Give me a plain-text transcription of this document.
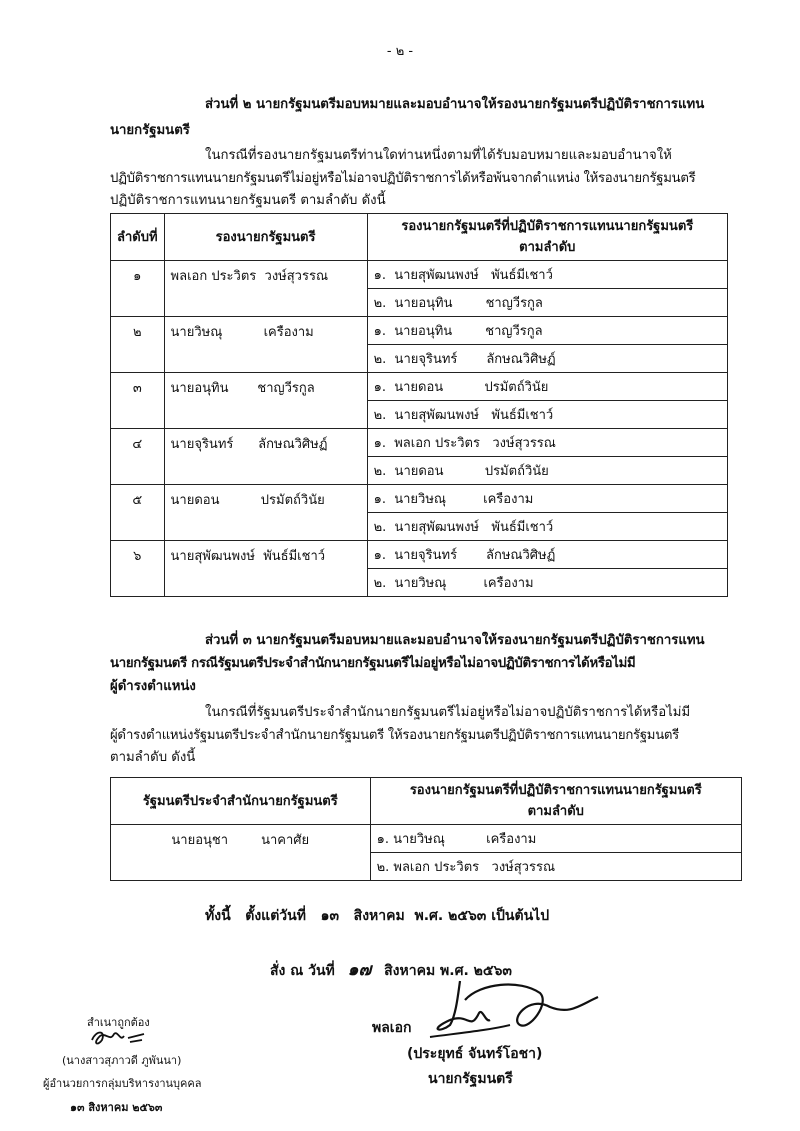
- ๒ -
ส่วนที่ ๒ นายกรัฐมนตรีมอบหมายและมอบอำนาจให้รองนายกรัฐมนตรีปฏิบัติราชการแทน
นายกรัฐมนตรี
ในกรณีที่รองนายกรัฐมนตรีท่านใดท่านหนึ่งตามที่ได้รับมอบหมายและมอบอำนาจให้
ปฏิบัติราชการแทนนายกรัฐมนตรีไม่อยู่หรือไม่อาจปฏิบัติราชการได้หรือพ้นจากตำแหน่ง ให้รองนายกรัฐมนตรี
ปฏิบัติราชการแทนนายกรัฐมนตรี ตามลำดับ ดังนี้
ลำดับที่	รองนายกรัฐมนตรี	รองนายกรัฐมนตรีที่ปฏิบัติราชการแทนนายกรัฐมนตรี
ตามลำดับ

๑	พลเอก ประวิตร  วงษ์สุวรรณ	๑.  นายสุพัฒนพงษ์   พันธ์มีเชาว์
		๒.  นายอนุทิน        ชาญวีรกูล
๒	นายวิษณุ          เครืองาม	๑.  นายอนุทิน        ชาญวีรกูล
		๒.  นายจุรินทร์       ลักษณวิศิษฏ์
๓	นายอนุทิน       ชาญวีรกูล	๑.  นายดอน          ปรมัตถ์วินัย
		๒.  นายสุพัฒนพงษ์   พันธ์มีเชาว์
๔	นายจุรินทร์      ลักษณวิศิษฏ์	๑.  พลเอก ประวิตร   วงษ์สุวรรณ
		๒.  นายดอน          ปรมัตถ์วินัย
๕	นายดอน          ปรมัตถ์วินัย	๑.  นายวิษณุ         เครืองาม
		๒.  นายสุพัฒนพงษ์   พันธ์มีเชาว์
๖	นายสุพัฒนพงษ์  พันธ์มีเชาว์	๑.  นายจุรินทร์       ลักษณวิศิษฏ์
		๒.  นายวิษณุ         เครืองาม
ส่วนที่ ๓ นายกรัฐมนตรีมอบหมายและมอบอำนาจให้รองนายกรัฐมนตรีปฏิบัติราชการแทน
นายกรัฐมนตรี กรณีรัฐมนตรีประจำสำนักนายกรัฐมนตรีไม่อยู่หรือไม่อาจปฏิบัติราชการได้หรือไม่มี
ผู้ดำรงตำแหน่ง
ในกรณีที่รัฐมนตรีประจำสำนักนายกรัฐมนตรีไม่อยู่หรือไม่อาจปฏิบัติราชการได้หรือไม่มี
ผู้ดำรงตำแหน่งรัฐมนตรีประจำสำนักนายกรัฐมนตรี ให้รองนายกรัฐมนตรีปฏิบัติราชการแทนนายกรัฐมนตรี
ตามลำดับ ดังนี้
รัฐมนตรีประจำสำนักนายกรัฐมนตรี	รองนายกรัฐมนตรีที่ปฏิบัติราชการแทนนายกรัฐมนตรี
ตามลำดับ

นายอนุชา        นาคาศัย	๑. นายวิษณุ          เครืองาม
	๒. พลเอก ประวิตร   วงษ์สุวรรณ
ทั้งนี้   ตั้งแต่วันที่   ๑๓   สิงหาคม  พ.ศ. ๒๕๖๓ เป็นต้นไป
สั่ง ณ วันที่ ๑๗ สิงหาคม พ.ศ. ๒๕๖๓
พลเอก
(ประยุทธ์ จันทร์โอชา)
นายกรัฐมนตรี
สำเนาถูกต้อง
(นางสาวสุภาวดี ภูพันนา)
ผู้อำนวยการกลุ่มบริหารงานบุคคล
๑๓ สิงหาคม ๒๕๖๓
